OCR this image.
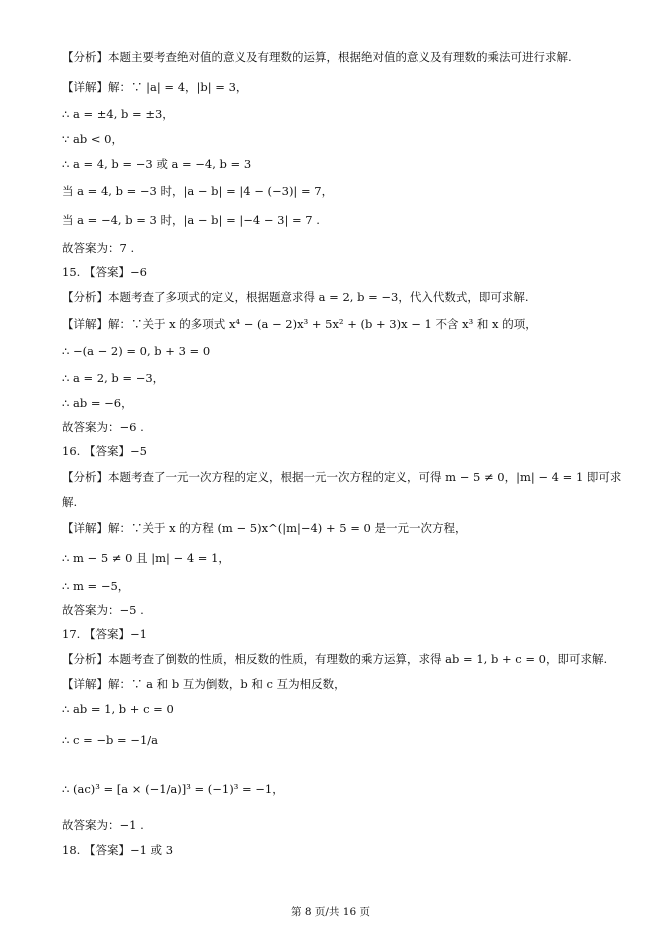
【分析】本题主要考查绝对值的意义及有理数的运算，根据绝对值的意义及有理数的乘法可进行求解.
【详解】解：∵ |a| = 4，|b| = 3，
∴ a = ±4, b = ±3，
∵ ab < 0，
∴ a = 4, b = −3 或 a = −4, b = 3
当 a = 4, b = −3 时，|a − b| = |4 − (−3)| = 7，
当 a = −4, b = 3 时，|a − b| = |−4 − 3| = 7 .
故答案为：7 .
15. 【答案】−6
【分析】本题考查了多项式的定义，根据题意求得 a = 2, b = −3，代入代数式，即可求解.
【详解】解：∵关于 x 的多项式 x⁴ − (a − 2)x³ + 5x² + (b + 3)x − 1 不含 x³ 和 x 的项，
∴ −(a − 2) = 0, b + 3 = 0
∴ a = 2, b = −3，
∴ ab = −6，
故答案为：−6 .
16. 【答案】−5
【分析】本题考查了一元一次方程的定义，根据一元一次方程的定义，可得 m − 5 ≠ 0，|m| − 4 = 1 即可求
解.
【详解】解：∵关于 x 的方程 (m − 5)x^(|m|−4) + 5 = 0 是一元一次方程，
∴ m − 5 ≠ 0 且 |m| − 4 = 1，
∴ m = −5，
故答案为：−5 .
17. 【答案】−1
【分析】本题考查了倒数的性质，相反数的性质，有理数的乘方运算，求得 ab = 1, b + c = 0，即可求解.
【详解】解：∵ a 和 b 互为倒数，b 和 c 互为相反数，
∴ ab = 1, b + c = 0
∴ c = −b = −1/a
∴ (ac)³ = [a × (−1/a)]³ = (−1)³ = −1，
故答案为：−1 .
18. 【答案】−1 或 3
第 8 页/共 16 页
